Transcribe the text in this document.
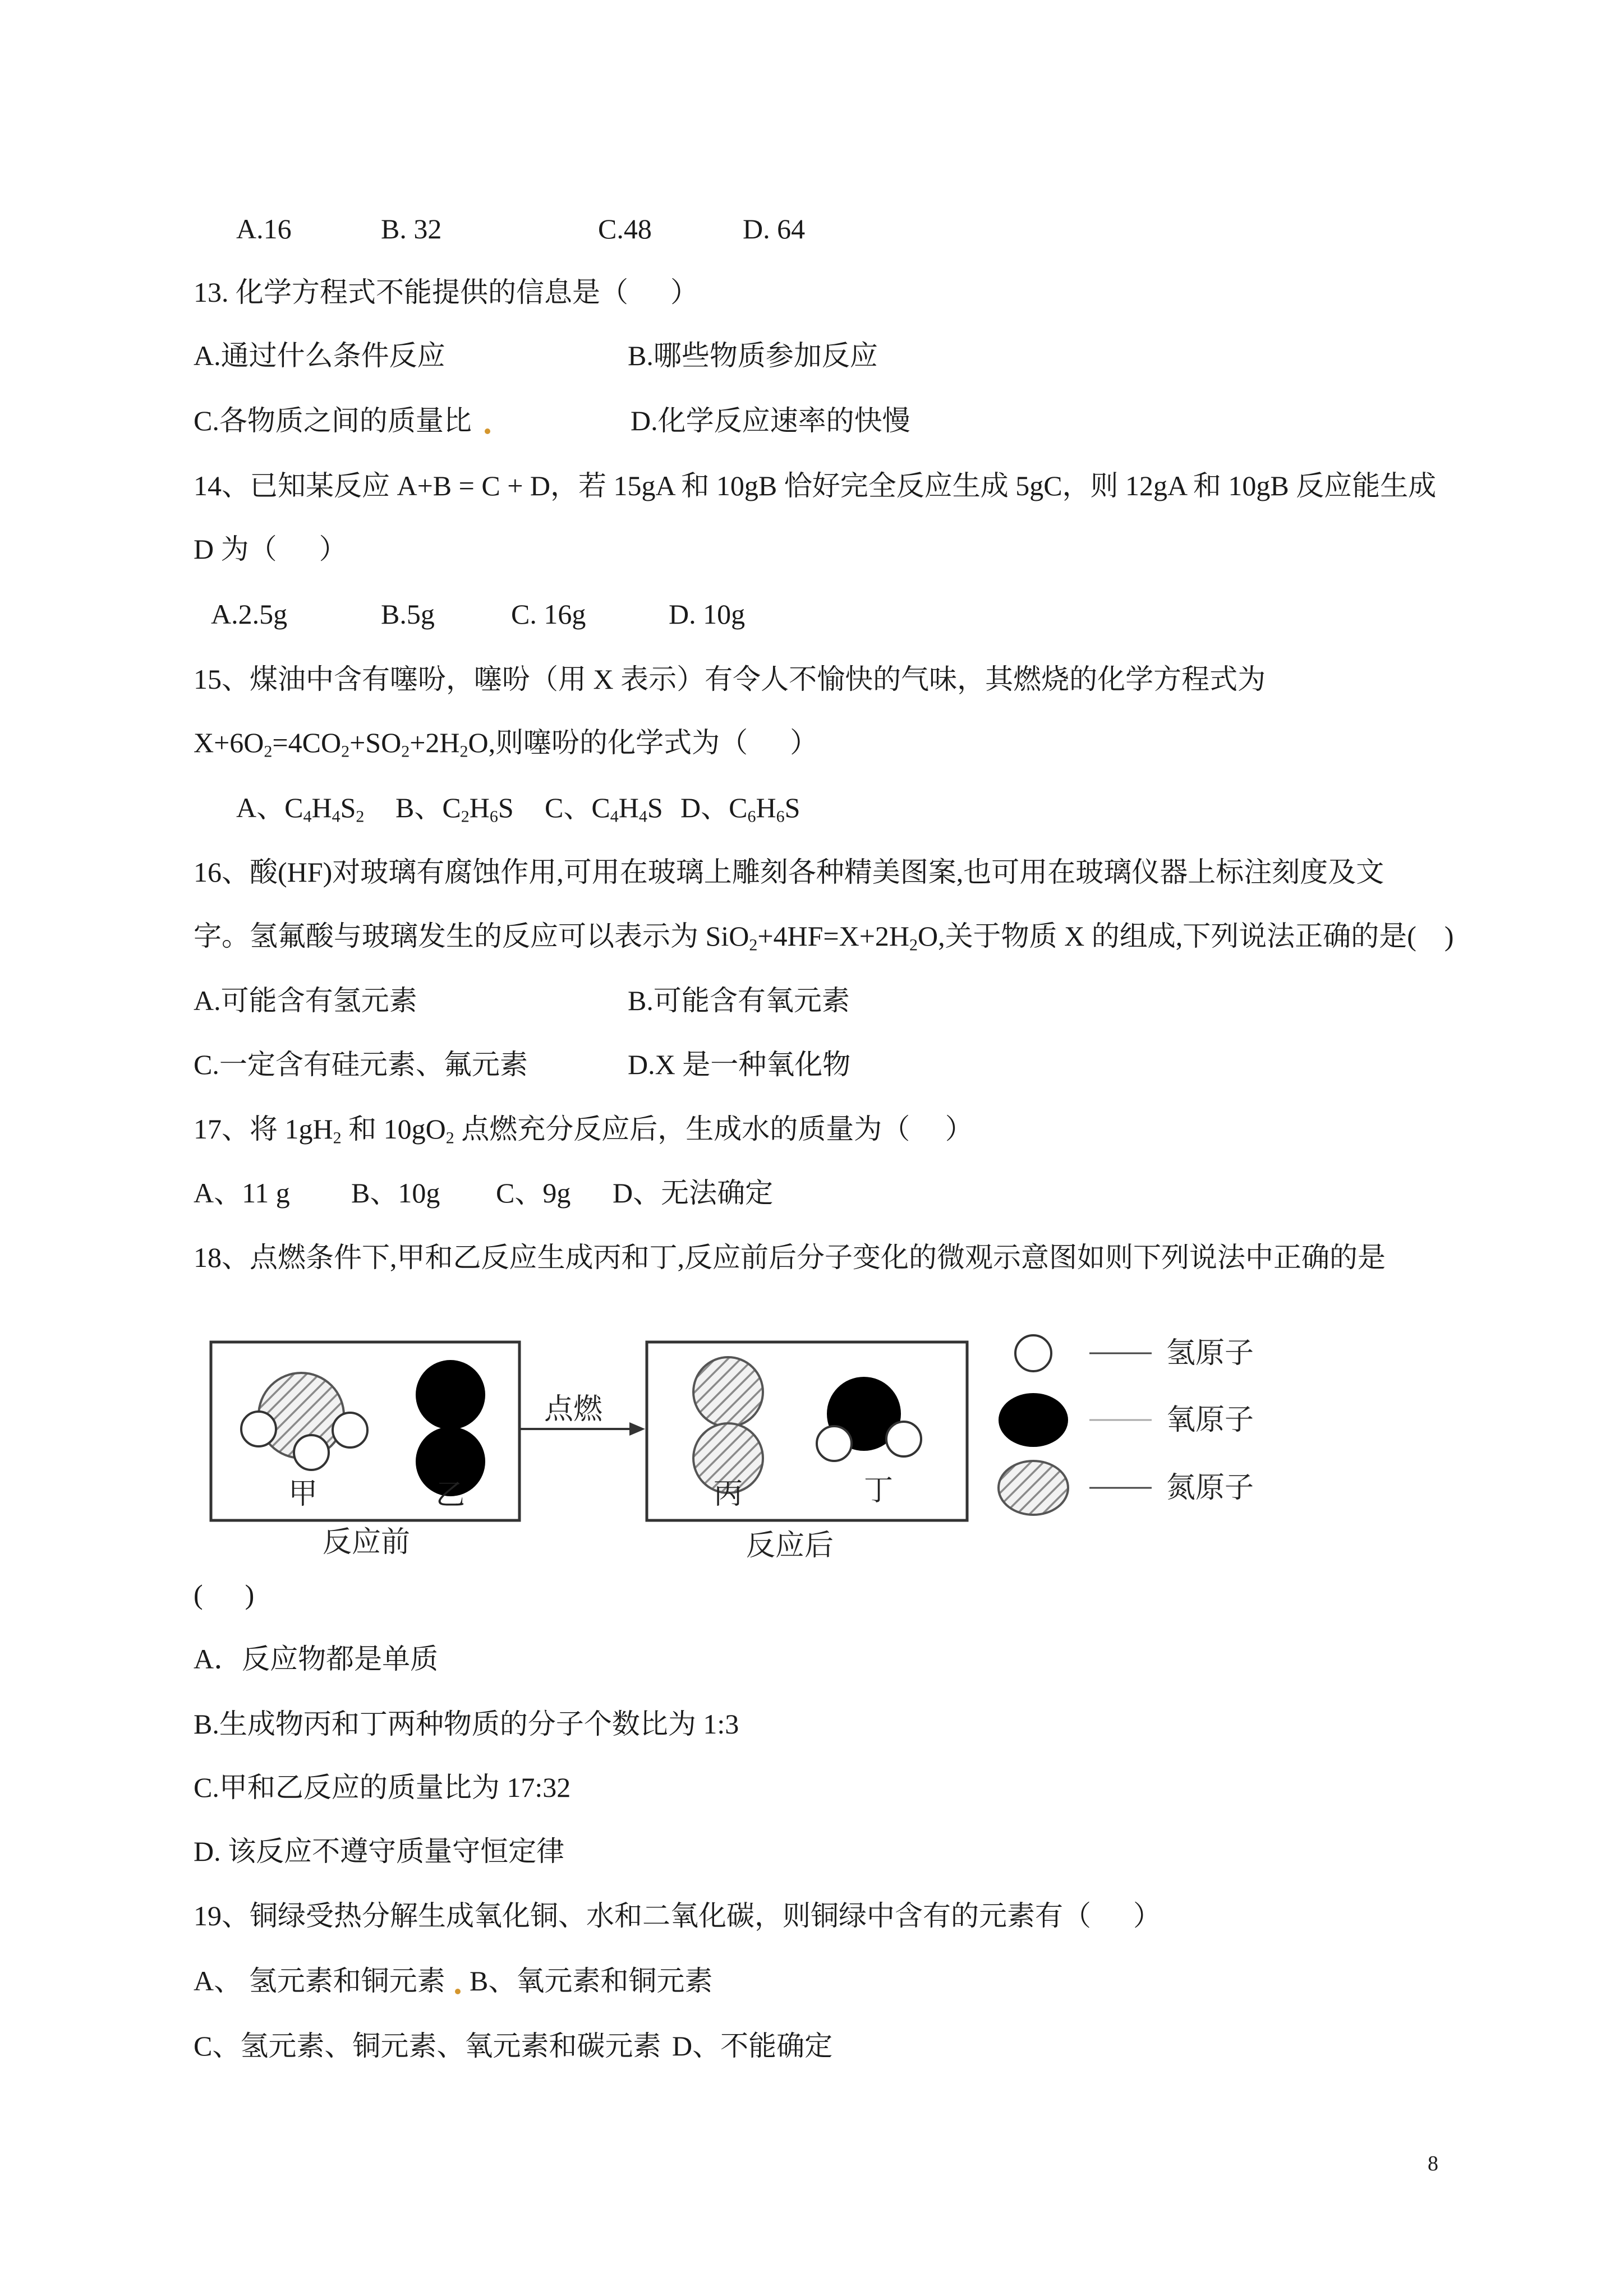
A.16	B. 32	C.48	D. 64
13. 化学方程式不能提供的信息是（      ）
A.通过什么条件反应	B.哪些物质参加反应
C.各物质之间的质量比	D.化学反应速率的快慢
14、已知某反应 A+B = C + D，若 15gA 和 10gB 恰好完全反应生成 5gC，则 12gA 和 10gB 反应能生成
D 为（      ）
A.2.5g	B.5g	C. 16g	D. 10g
15、煤油中含有噻吩，噻吩（用 X 表示）有令人不愉快的气味，其燃烧的化学方程式为
$X+6O_2=4CO_2+SO_2+2H_2O$,则噻吩的化学式为（      ）
A、$C_4H_4S_2$ B、$C_2H_6S$ C、$C_4H_4S$ D、$C_6H_6S$
16、酸(HF)对玻璃有腐蚀作用,可用在玻璃上雕刻各种精美图案,也可用在玻璃仪器上标注刻度及文
字。氢氟酸与玻璃发生的反应可以表示为 $SiO_2+4HF=X+2H_2O$,关于物质 X 的组成,下列说法正确的是(    )
A.可能含有氢元素	B.可能含有氧元素
C.一定含有硅元素、氟元素	D.X 是一种氧化物
17、将 $1gH_2$ 和 $10gO_2$ 点燃充分反应后，生成水的质量为（     ）
A、11 g B、10g C、9g D、无法确定
18、点燃条件下,甲和乙反应生成丙和丁,反应前后分子变化的微观示意图如则下列说法中正确的是
甲	乙
反应前
点燃
丙	丁
反应后
氢原子
氧原子
氮原子
(      )
A．反应物都是单质
B.生成物丙和丁两种物质的分子个数比为 1:3
C.甲和乙反应的质量比为 17:32
D. 该反应不遵守质量守恒定律
19、铜绿受热分解生成氧化铜、水和二氧化碳，则铜绿中含有的元素有（      ）
A、 氢元素和铜元素 B、氧元素和铜元素
C、氢元素、铜元素、氧元素和碳元素 D、不能确定
8
